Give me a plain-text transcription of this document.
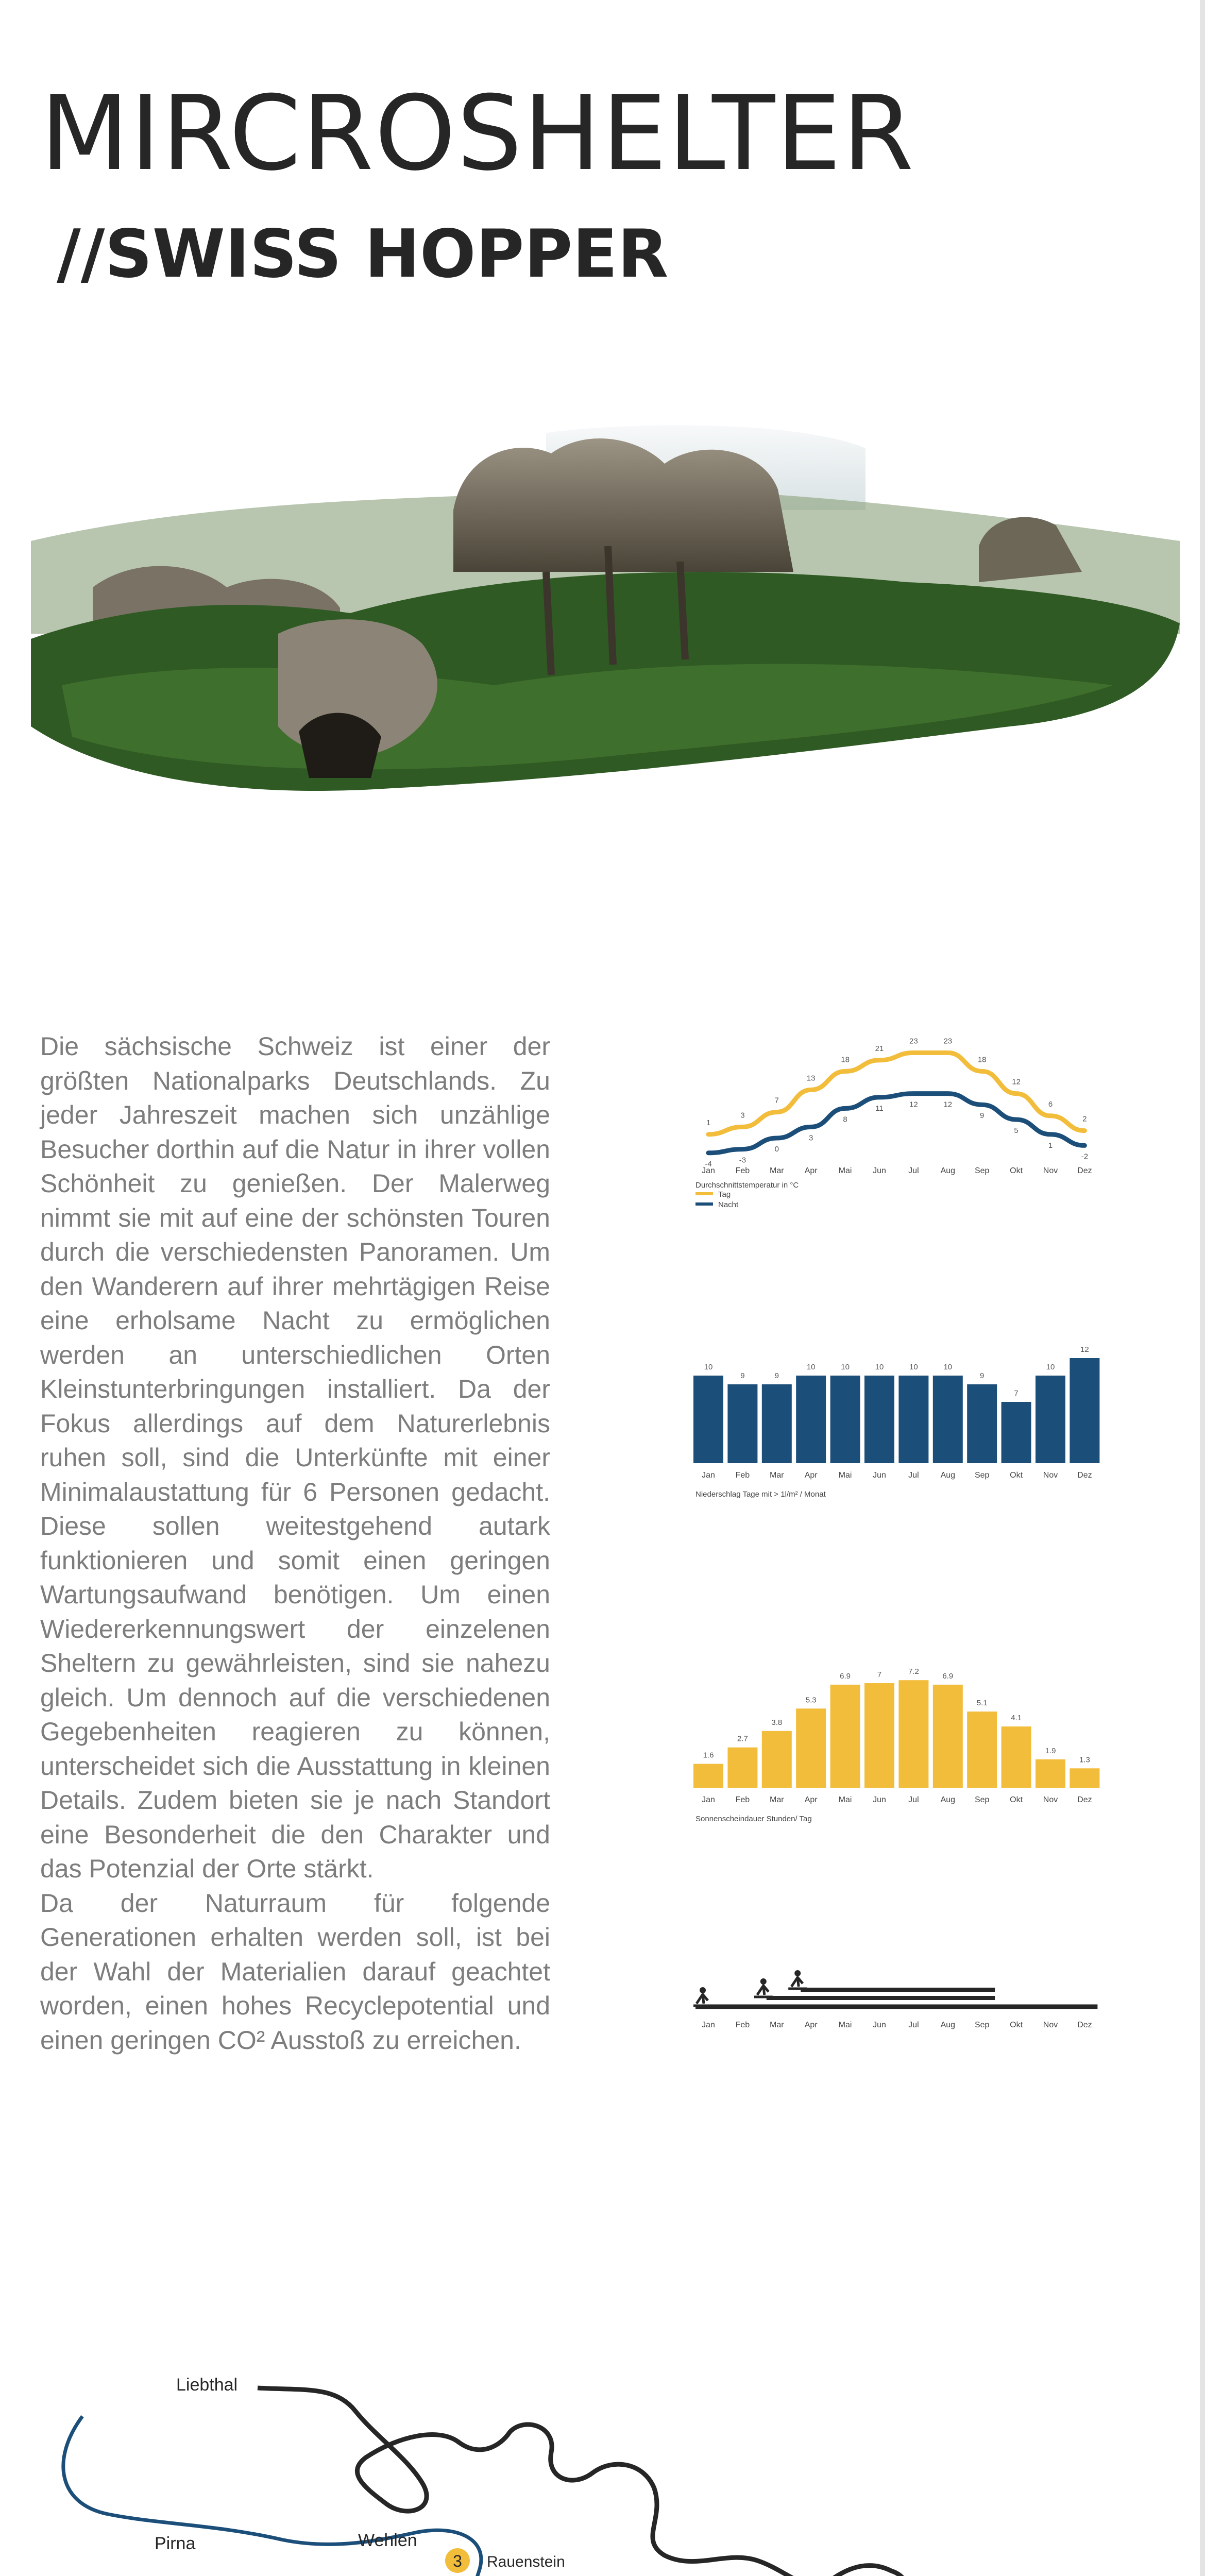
MIRCROSHELTER
//SWISS HOPPER

Die sächsische Schweiz ist einer der größten Nationalparks Deutschlands. Zu jeder Jahreszeit machen sich unzählige Besucher dorthin auf die Natur in ihrer vollen Schönheit zu genießen. Der Malerweg nimmt sie mit auf eine der schönsten Touren durch die verschiedensten Panoramen. Um den Wanderern auf ihrer mehrtägigen Reise eine erholsame Nacht zu ermöglichen werden an unterschiedlichen Orten Kleinstunterbringungen installiert. Da der Fokus allerdings auf dem Naturerlebnis ruhen soll, sind die Unterkünfte mit einer Minimalaustattung für 6 Personen gedacht. Diese sollen weitestgehend autark funktionieren und somit einen geringen Wartungsaufwand benötigen. Um einen Wiedererkennungswert der einzelenen Sheltern zu gewährleisten, sind sie nahezu gleich. Um dennoch auf die verschiedenen Gegebenheiten reagieren zu können, unterscheidet sich die Ausstattung in kleinen Details. Zudem bieten sie je nach Standort eine Besonderheit die den Charakter und das Potenzial der Orte stärkt.

Da der Naturraum für folgende Generationen erhalten werden soll, ist bei der Wahl der Materialien darauf geachtet worden, einen hohes Recyclepotential und einen geringen CO² Ausstoß zu erreichen.

1
3
7
13
18
21
23	23
18
12
6
2
-4	-3
0
3
8
11	12	12
9
5
1
-2
Jan Feb Mar	Apr	Mai	Jun	Jul	Aug Sep Okt Nov Dez
Durchschnittstemperatur in °C
Tag
Nacht
10
9	9
10	10	10	10	10
9
7
10
12
Jan Feb Mar	Apr	Mai	Jun	Jul	Aug Sep Okt Nov Dez
Niederschlag Tage mit > 1l/m² / Monat
1.6
2.7
3.8
5.3
6.9	7	7.2
6.9
5.1
4.1
1.9
1.3
Jan Feb Mar	Apr	Mai	Jun	Jul	Aug Sep Okt Nov Dez
Sonnenscheindauer Stunden/ Tag
Jan Feb Mar	Apr	Mai	Jun	Jul	Aug Sep Okt Nov Dez
3
Liebthal
Pirna	Wehlen
Rauenstein
